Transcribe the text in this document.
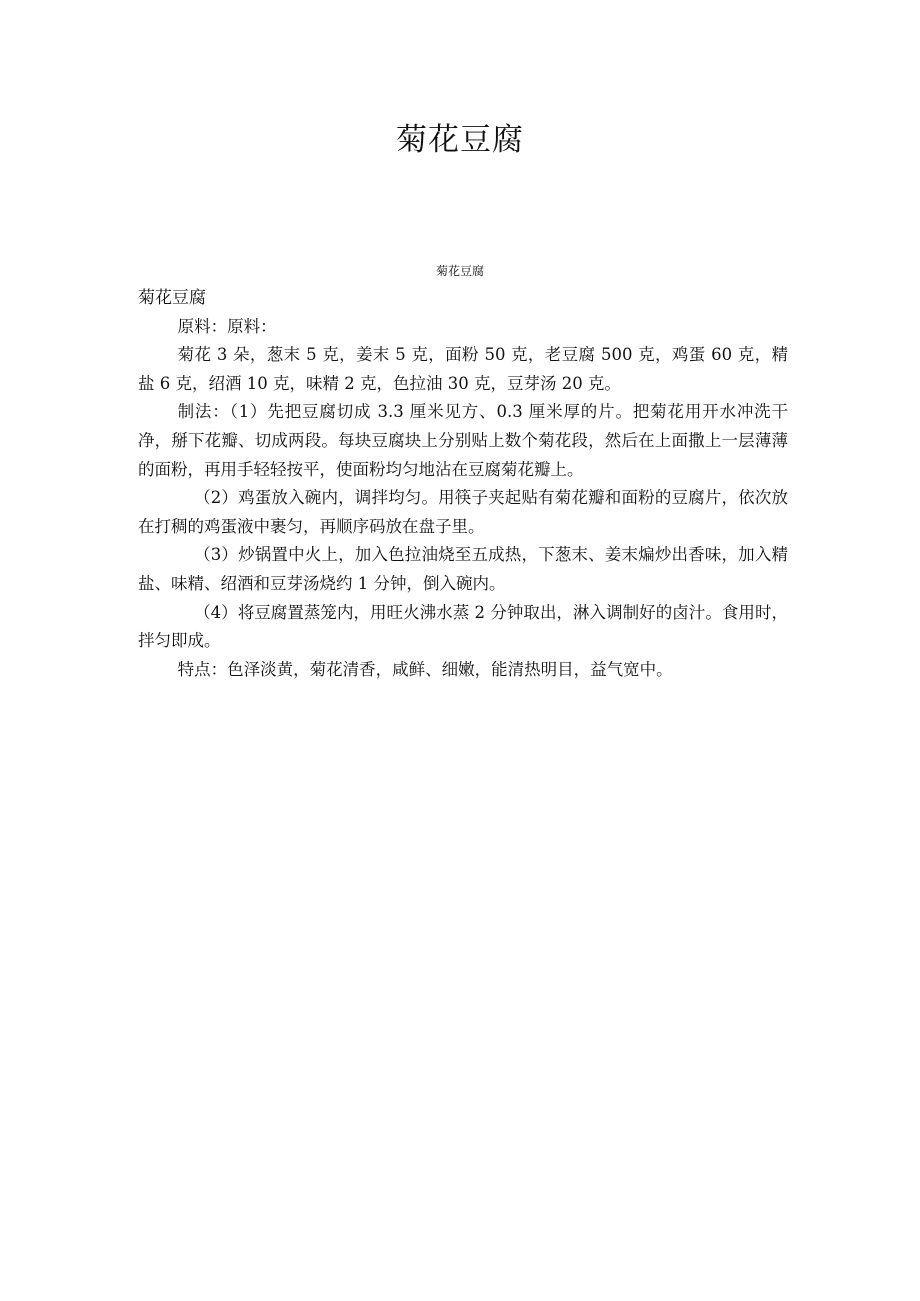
菊花豆腐
菊花豆腐

菊花豆腐

原料：原料：

菊花 3 朵，葱末 5 克，姜末 5 克，面粉 50 克，老豆腐 500 克，鸡蛋 60 克，精盐 6 克，绍酒 10 克，味精 2 克，色拉油 30 克，豆芽汤 20 克。

制法：（1）先把豆腐切成 3.3 厘米见方、0.3 厘米厚的片。把菊花用开水冲洗干净，掰下花瓣、切成两段。每块豆腐块上分别贴上数个菊花段，然后在上面撒上一层薄薄的面粉，再用手轻轻按平，使面粉均匀地沾在豆腐菊花瓣上。

（2）鸡蛋放入碗内，调拌均匀。用筷子夹起贴有菊花瓣和面粉的豆腐片，依次放在打稠的鸡蛋液中裹匀，再顺序码放在盘子里。

（3）炒锅置中火上，加入色拉油烧至五成热，下葱末、姜末煸炒出香味，加入精盐、味精、绍酒和豆芽汤烧约 1 分钟，倒入碗内。

（4）将豆腐置蒸笼内，用旺火沸水蒸 2 分钟取出，淋入调制好的卤汁。食用时，拌匀即成。

特点：色泽淡黄，菊花清香，咸鲜、细嫩，能清热明目，益气宽中。
